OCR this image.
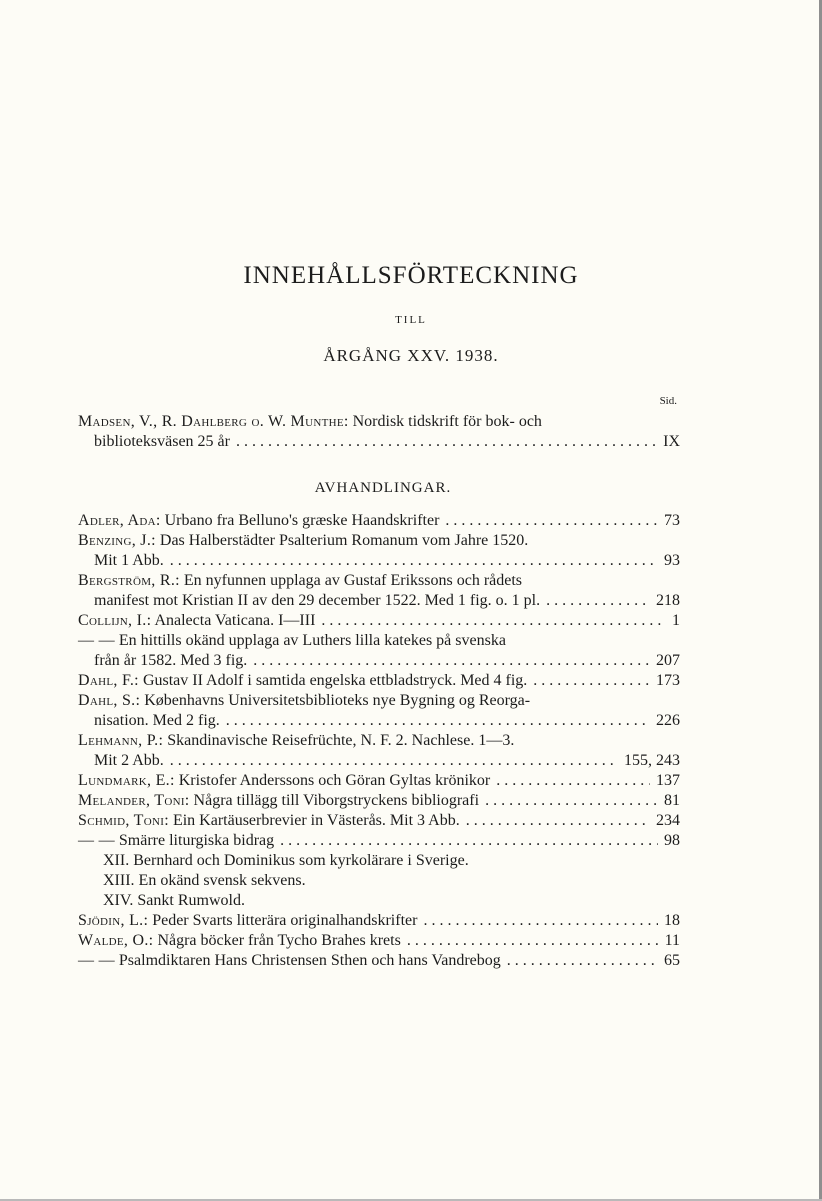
INNEHÅLLSFÖRTECKNING
TILL
ÅRGÅNG XXV. 1938.
Sid.
Madsen, V., R. Dahlberg o. W. Munthe: Nordisk tidskrift för bok- och
biblioteksväsen 25 år . . .	IX
AVHANDLINGAR.
Adler, Ada: Urbano fra Belluno's græske Haandskrifter . . .	73
Benzing, J.: Das Halberstädter Psalterium Romanum vom Jahre 1520.
Mit 1 Abb. . . .	93
Bergström, R.: En nyfunnen upplaga av Gustaf Erikssons och rådets
manifest mot Kristian II av den 29 december 1522. Med 1 fig. o. 1 pl. . . .	218
Collijn, I.: Analecta Vaticana. I—III . . .	1
— — En hittills okänd upplaga av Luthers lilla katekes på svenska
från år 1582. Med 3 fig. . . .	207
Dahl, F.: Gustav II Adolf i samtida engelska ettbladstryck. Med 4 fig. . . .	173
Dahl, S.: Københavns Universitetsbiblioteks nye Bygning og Reorga-
nisation. Med 2 fig. . . .	226
Lehmann, P.: Skandinavische Reisefrüchte, N. F. 2. Nachlese. 1—3.
Mit 2 Abb. . . .	155, 243
Lundmark, E.: Kristofer Anderssons och Göran Gyltas krönikor . . .	137
Melander, Toni: Några tillägg till Viborgstryckens bibliografi . . .	81
Schmid, Toni: Ein Kartäuserbrevier in Västerås. Mit 3 Abb. . . .	234
— — Smärre liturgiska bidrag . . .	98
XII. Bernhard och Dominikus som kyrkolärare i Sverige.
XIII. En okänd svensk sekvens.
XIV. Sankt Rumwold.
Sjödin, L.: Peder Svarts litterära originalhandskrifter . . .	18
Walde, O.: Några böcker från Tycho Brahes krets . . .	11
— — Psalmdiktaren Hans Christensen Sthen och hans Vandrebog . . .	65
